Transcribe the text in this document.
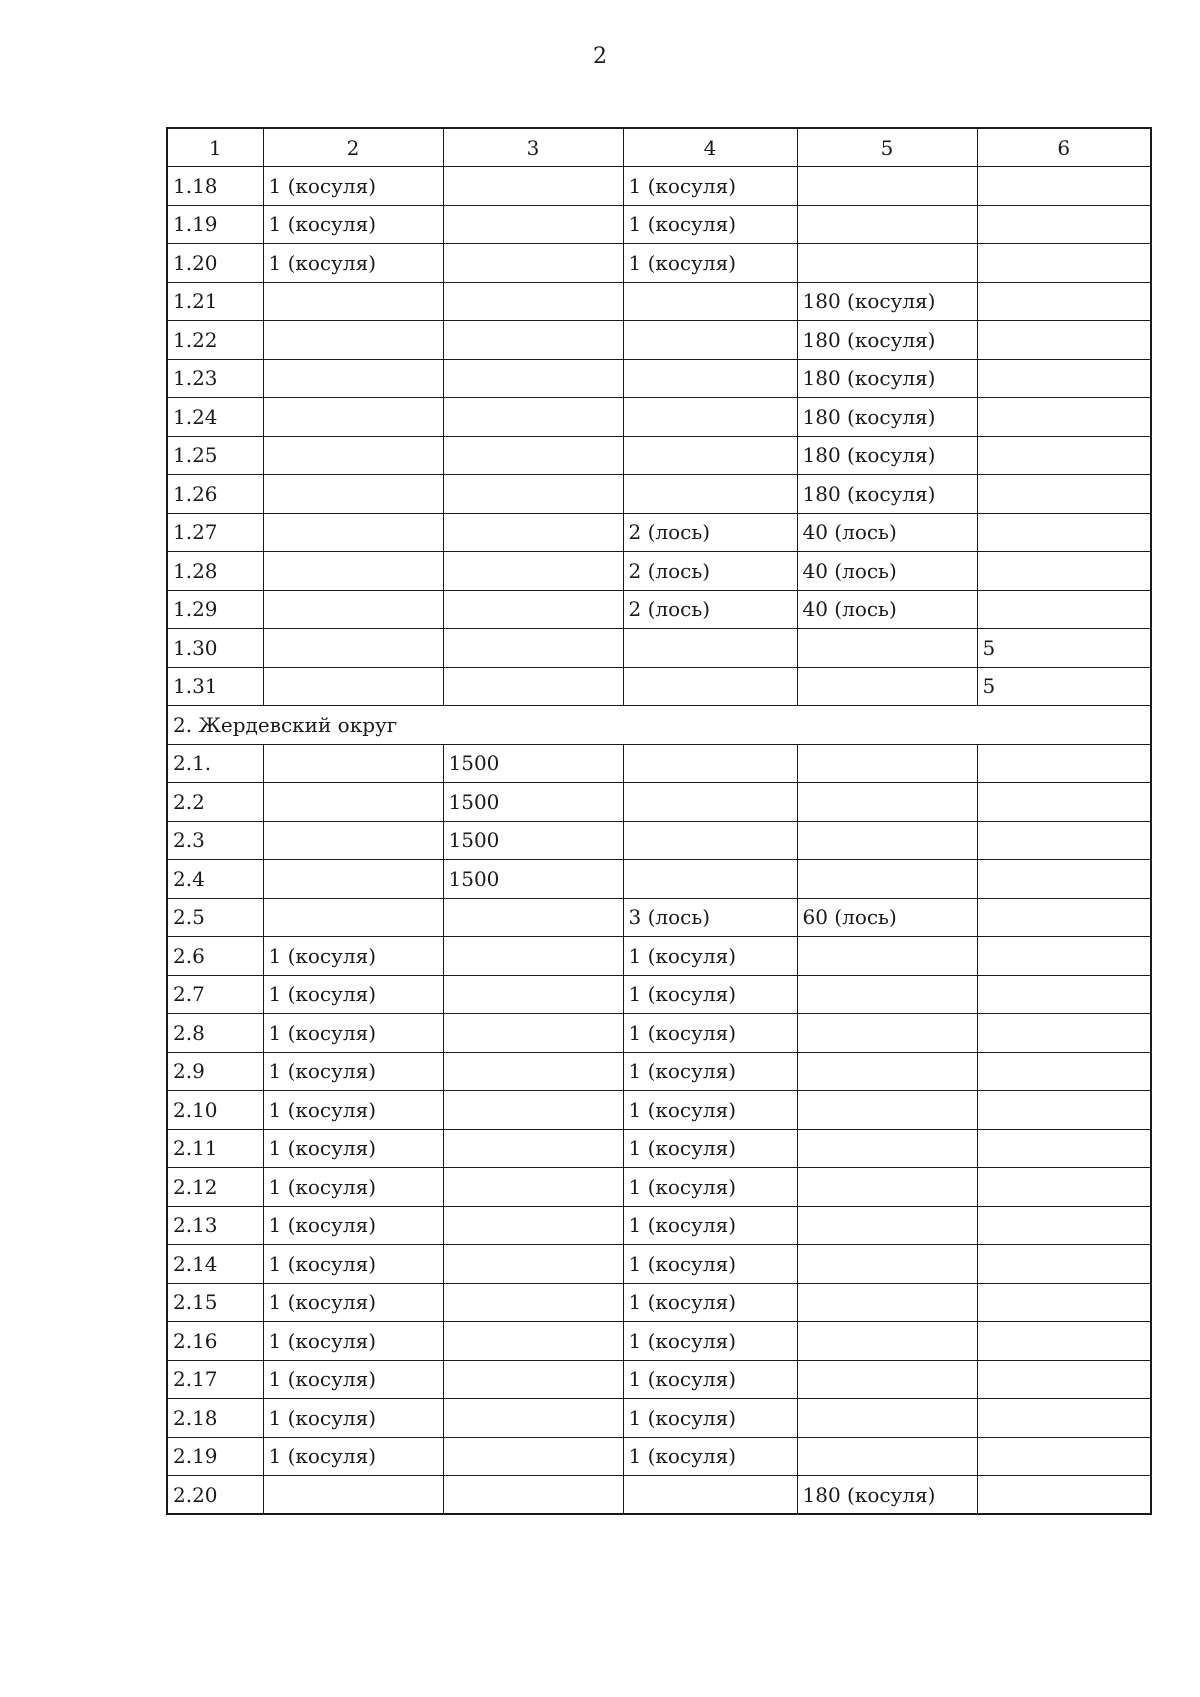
2
1	2	3	4	5	6
1.18	1 (косуля)		1 (косуля)		
1.19	1 (косуля)		1 (косуля)		
1.20	1 (косуля)		1 (косуля)		
1.21				180 (косуля)	
1.22				180 (косуля)	
1.23				180 (косуля)	
1.24				180 (косуля)	
1.25				180 (косуля)	
1.26				180 (косуля)	
1.27			2 (лось)	40 (лось)	
1.28			2 (лось)	40 (лось)	
1.29			2 (лось)	40 (лось)	
1.30					5
1.31					5
2. Жердевский округ					
2.1.		1500			
2.2		1500			
2.3		1500			
2.4		1500			
2.5			3 (лось)	60 (лось)	
2.6	1 (косуля)		1 (косуля)		
2.7	1 (косуля)		1 (косуля)		
2.8	1 (косуля)		1 (косуля)		
2.9	1 (косуля)		1 (косуля)		
2.10	1 (косуля)		1 (косуля)		
2.11	1 (косуля)		1 (косуля)		
2.12	1 (косуля)		1 (косуля)		
2.13	1 (косуля)		1 (косуля)		
2.14	1 (косуля)		1 (косуля)		
2.15	1 (косуля)		1 (косуля)		
2.16	1 (косуля)		1 (косуля)		
2.17	1 (косуля)		1 (косуля)		
2.18	1 (косуля)		1 (косуля)		
2.19	1 (косуля)		1 (косуля)		
2.20				180 (косуля)	
